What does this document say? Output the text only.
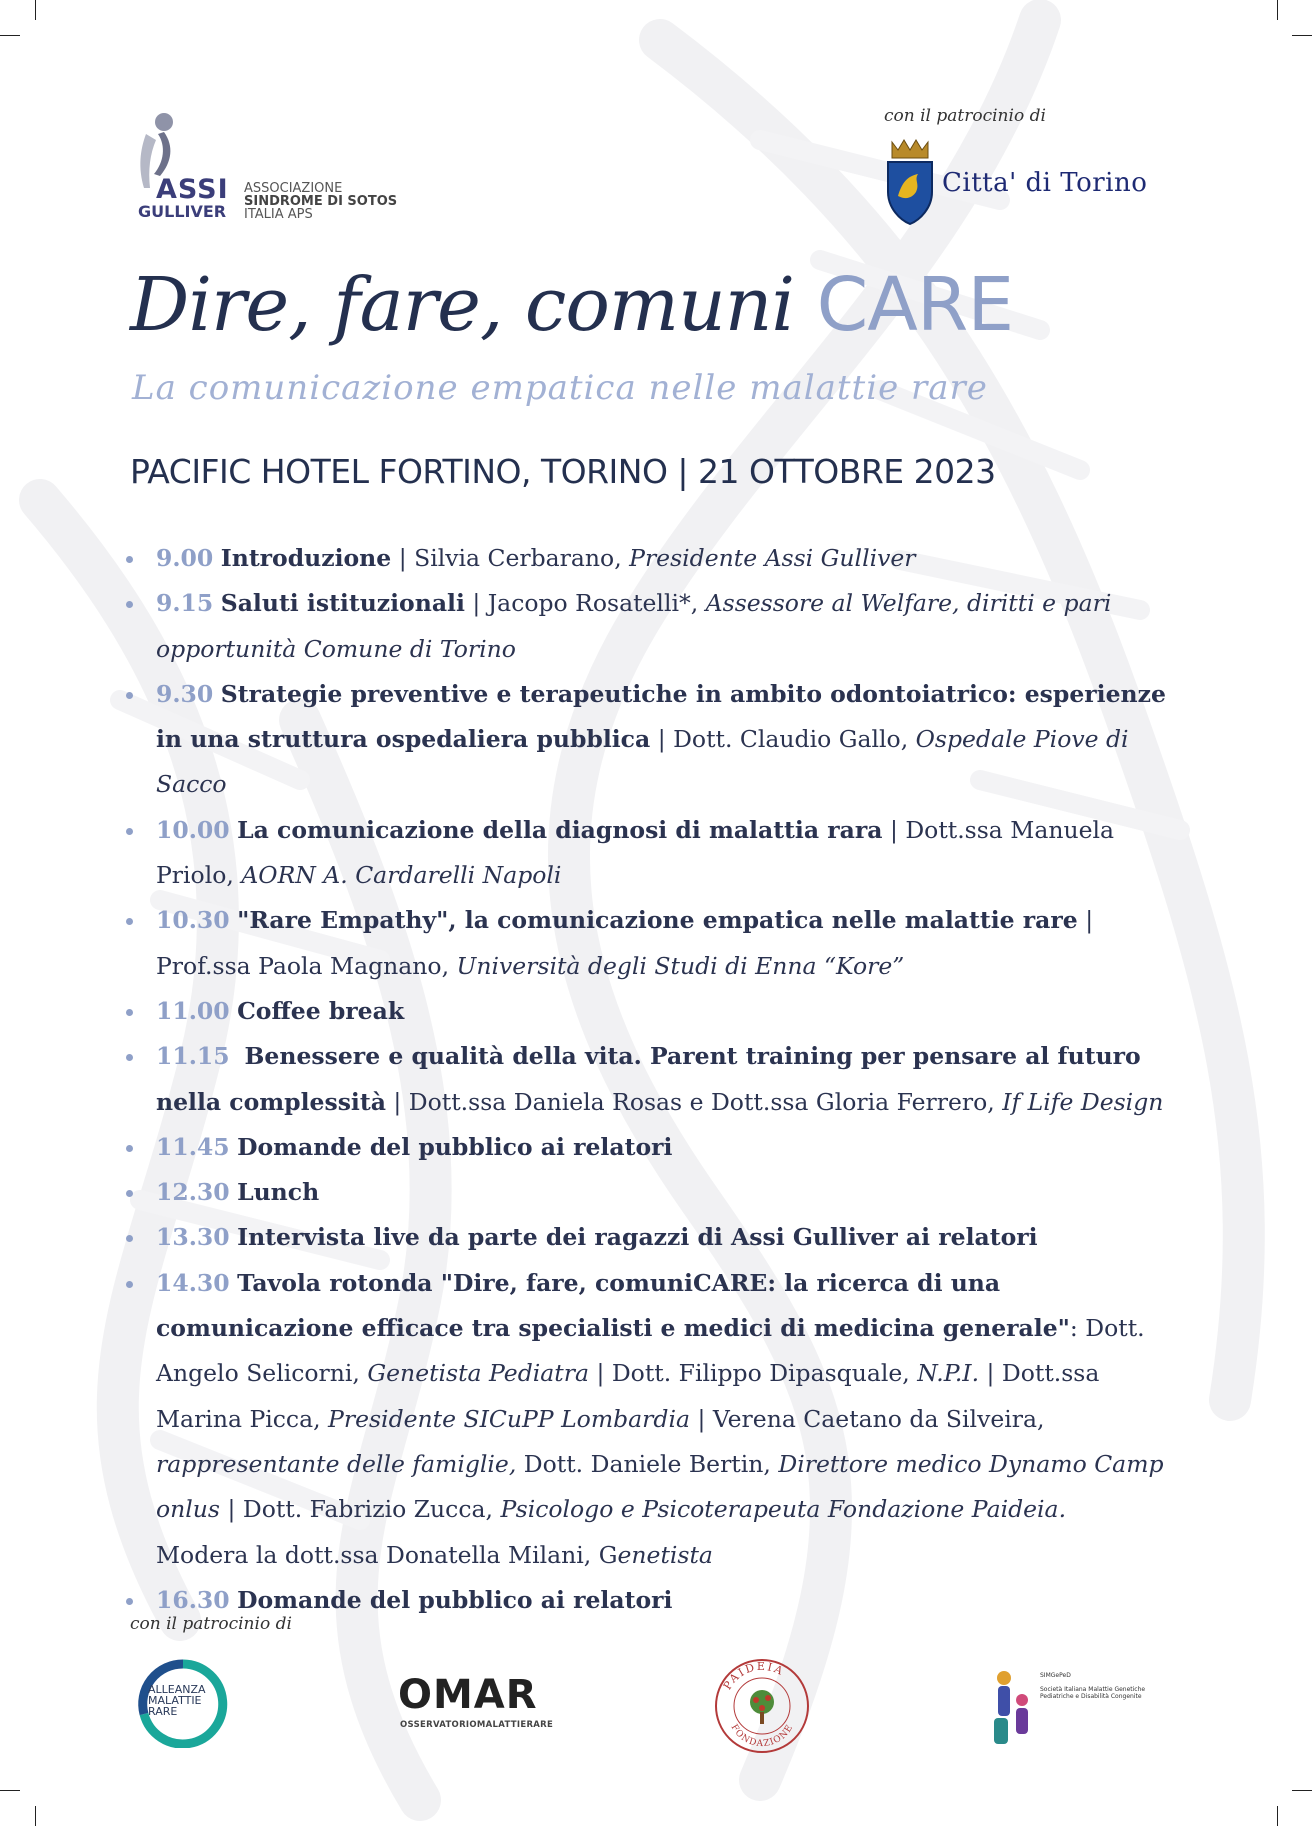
ASSI
GULLIVER
ASSOCIAZIONE
SINDROME DI SOTOS
ITALIA APS
con il patrocinio di
Citta' di Torino
Dire, fare, comuni CARE
La comunicazione empatica nelle malattie rare
PACIFIC HOTEL FORTINO, TORINO | 21 OTTOBRE 2023
9.00 Introduzione | Silvia Cerbarano, Presidente Assi Gulliver
9.15 Saluti istituzionali | Jacopo Rosatelli*, Assessore al Welfare, diritti e pari opportunità Comune di Torino
9.30 Strategie preventive e terapeutiche in ambito odontoiatrico: esperienze in una struttura ospedaliera pubblica | Dott. Claudio Gallo, Ospedale Piove di Sacco
10.00 La comunicazione della diagnosi di malattia rara | Dott.ssa Manuela Priolo, AORN A. Cardarelli Napoli
10.30 "Rare Empathy", la comunicazione empatica nelle malattie rare | Prof.ssa Paola Magnano, Università degli Studi di Enna “Kore”
11.00 Coffee break
11.15 Benessere e qualità della vita. Parent training per pensare al futuro nella complessità | Dott.ssa Daniela Rosas e Dott.ssa Gloria Ferrero, If Life Design
11.45 Domande del pubblico ai relatori
12.30 Lunch
13.30 Intervista live da parte dei ragazzi di Assi Gulliver ai relatori
14.30 Tavola rotonda "Dire, fare, comuniCARE: la ricerca di una comunicazione efficace tra specialisti e medici di medicina generale": Dott. Angelo Selicorni, Genetista Pediatra | Dott. Filippo Dipasquale, N.P.I. | Dott.ssa Marina Picca, Presidente SICuPP Lombardia | Verena Caetano da Silveira, rappresentante delle famiglie, Dott. Daniele Bertin, Direttore medico Dynamo Camp onlus | Dott. Fabrizio Zucca, Psicologo e Psicoterapeuta Fondazione Paideia.
Modera la dott.ssa Donatella Milani, Genetista
16.30 Domande del pubblico ai relatori
con il patrocinio di
ALLEANZA
MALATTIE
RARE	OMAR
OSSERVATORIOMALATTIERARE
PAIDEIA
FONDAZIONE
SIMGePeD
Società Italiana Malattie Genetiche Pediatriche e Disabilità Congenite
